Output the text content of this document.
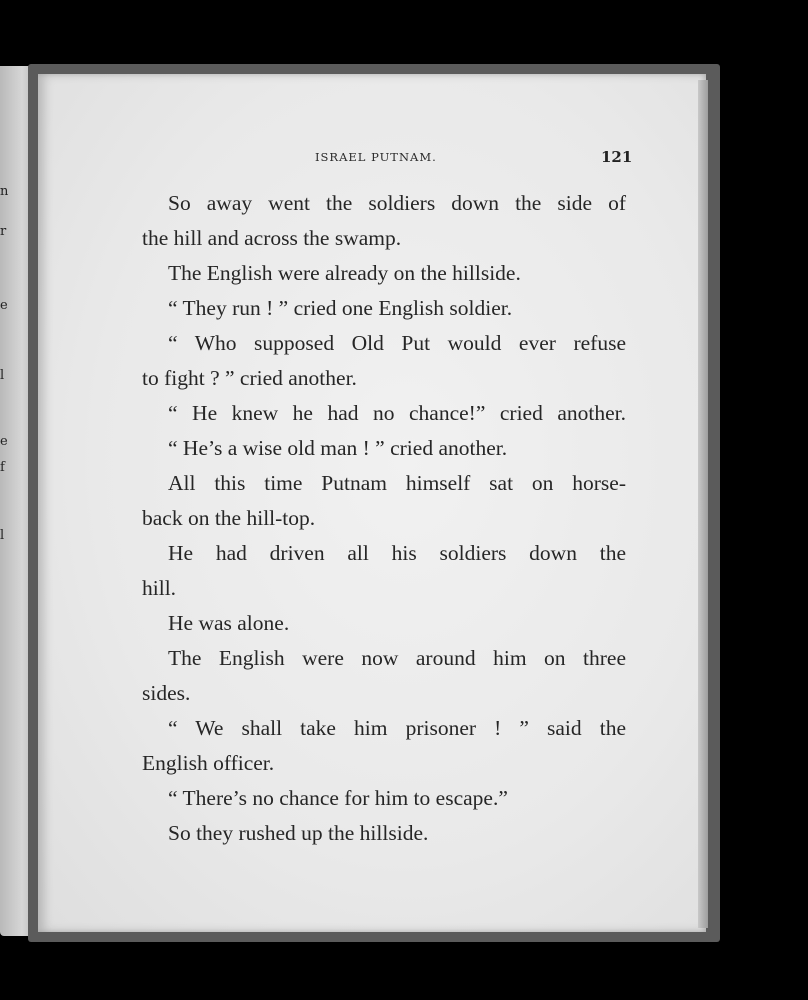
n
r
e
l
e
f
l
ISRAEL PUTNAM.	121
So away went the soldiers down the side of
the hill and across the swamp.
The English were already on the hillside.
“ They run ! ” cried one English soldier.
“ Who supposed Old Put would ever refuse
to fight ? ” cried another.
“ He knew he had no chance!” cried another.
“ He’s a wise old man ! ” cried another.
All this time Putnam himself sat on horse-
back on the hill-top.
He had driven all his soldiers down the
hill.
He was alone.
The English were now around him on three
sides.
“ We shall take him prisoner ! ” said the
English officer.
“ There’s no chance for him to escape.”
So they rushed up the hillside.
